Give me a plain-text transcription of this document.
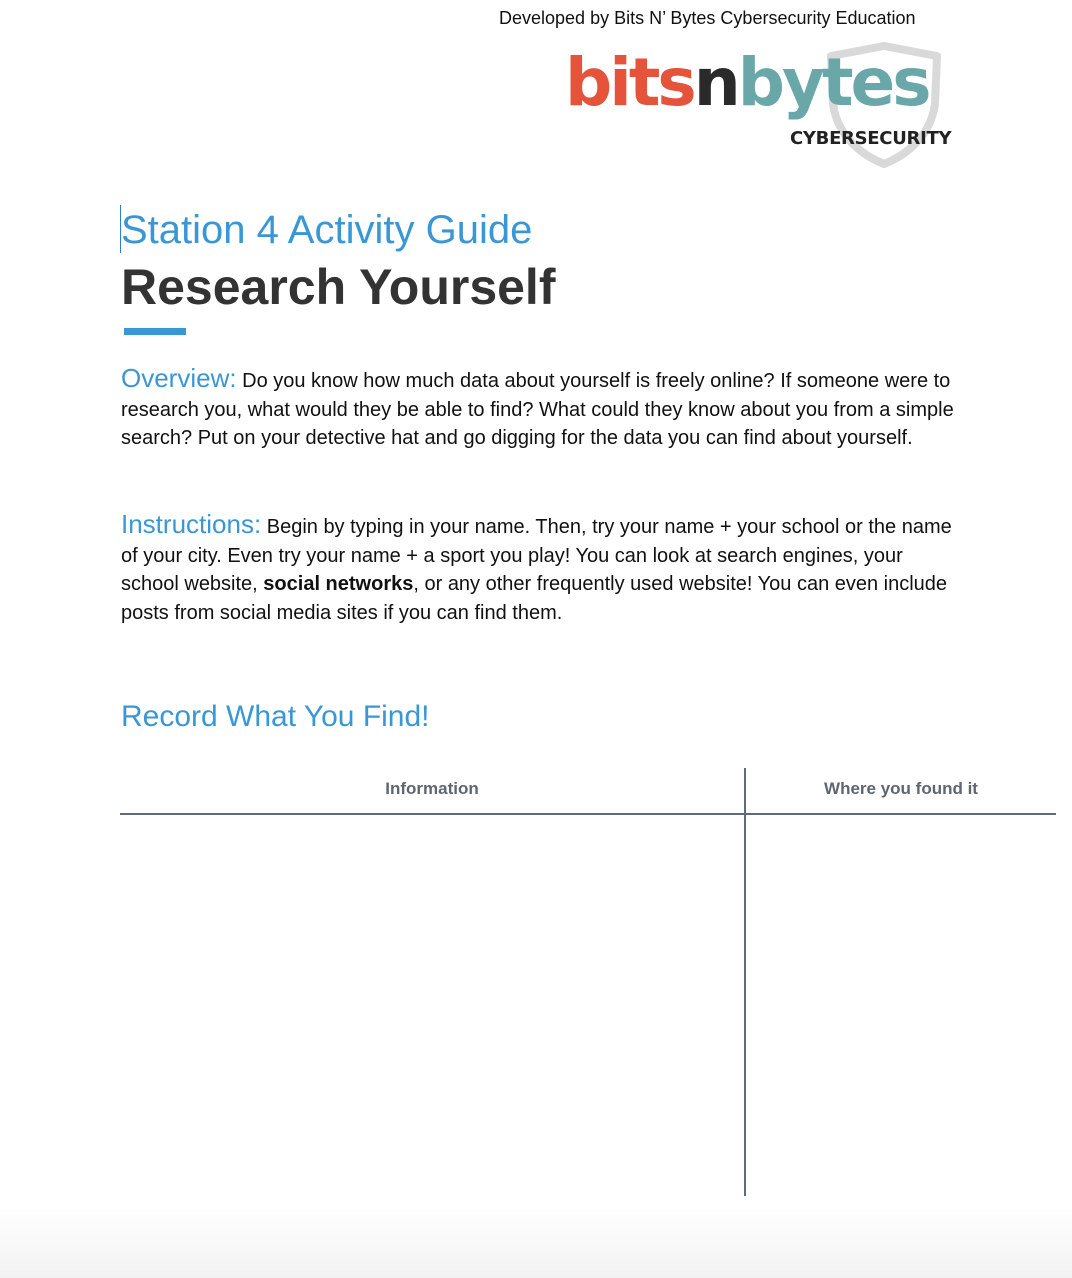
Developed by Bits N’ Bytes Cybersecurity Education
bitsnbytes
CYBERSECURITY
Station 4 Activity Guide
Research Yourself
Overview: Do you know how much data about yourself is freely online? If someone were to research you, what would they be able to find? What could they know about you from a simple search? Put on your detective hat and go digging for the data you can find about yourself.
Instructions: Begin by typing in your name. Then, try your name + your school or the name of your city. Even try your name + a sport you play! You can look at search engines, your school website, social networks, or any other frequently used website! You can even include posts from social media sites if you can find them.
Record What You Find!
Information	Where you found it
